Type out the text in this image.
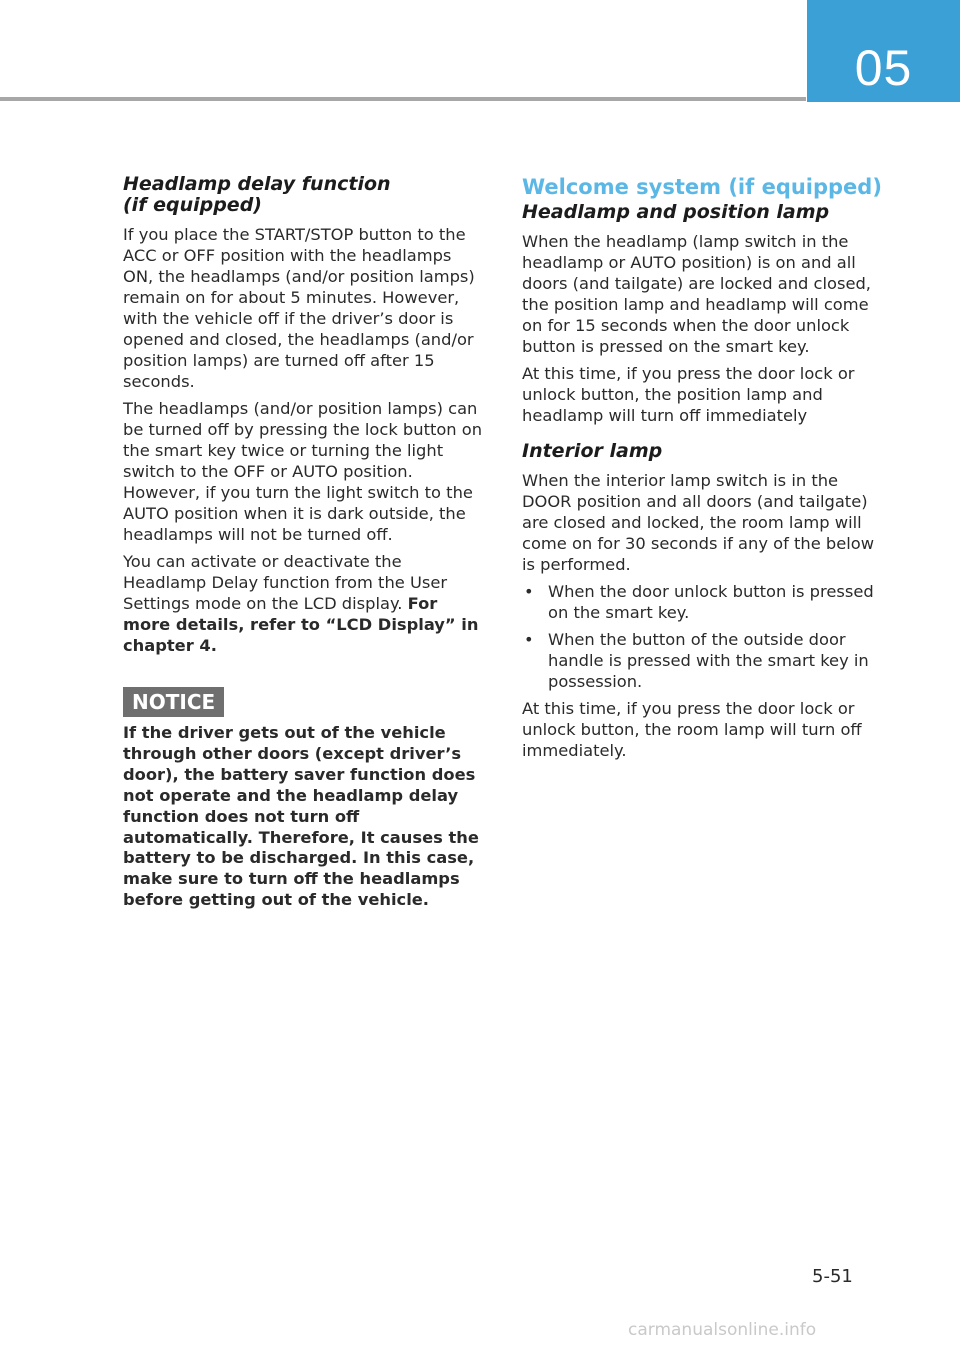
05
Headlamp delay function
(if equipped)

If you place the START/STOP button to the ACC or OFF position with the headlamps ON, the headlamps (and/or position lamps) remain on for about 5 minutes. However, with the vehicle off if the driver’s door is opened and closed, the headlamps (and/or position lamps) are turned off after 15 seconds.

The headlamps (and/or position lamps) can be turned off by pressing the lock button on the smart key twice or turning the light switch to the OFF or AUTO position. However, if you turn the light switch to the AUTO position when it is dark outside, the headlamps will not be turned off.

You can activate or deactivate the Headlamp Delay function from the User Settings mode on the LCD display. For more details, refer to “LCD Display” in chapter 4.

NOTICE

If the driver gets out of the vehicle through other doors (except driver’s door), the battery saver function does not operate and the headlamp delay function does not turn off automatically. Therefore, It causes the battery to be discharged. In this case, make sure to turn off the headlamps before getting out of the vehicle.

Welcome system (if equipped)
Headlamp and position lamp

When the headlamp (lamp switch in the headlamp or AUTO position) is on and all doors (and tailgate) are locked and closed, the position lamp and headlamp will come on for 15 seconds when the door unlock button is pressed on the smart key.

At this time, if you press the door lock or unlock button, the position lamp and headlamp will turn off immediately

Interior lamp

When the interior lamp switch is in the DOOR position and all doors (and tailgate) are closed and locked, the room lamp will come on for 30 seconds if any of the below is performed.

• When the door unlock button is pressed on the smart key.
• When the button of the outside door handle is pressed with the smart key in possession.

At this time, if you press the door lock or unlock button, the room lamp will turn off immediately.

5-51
carmanualsonline.info
